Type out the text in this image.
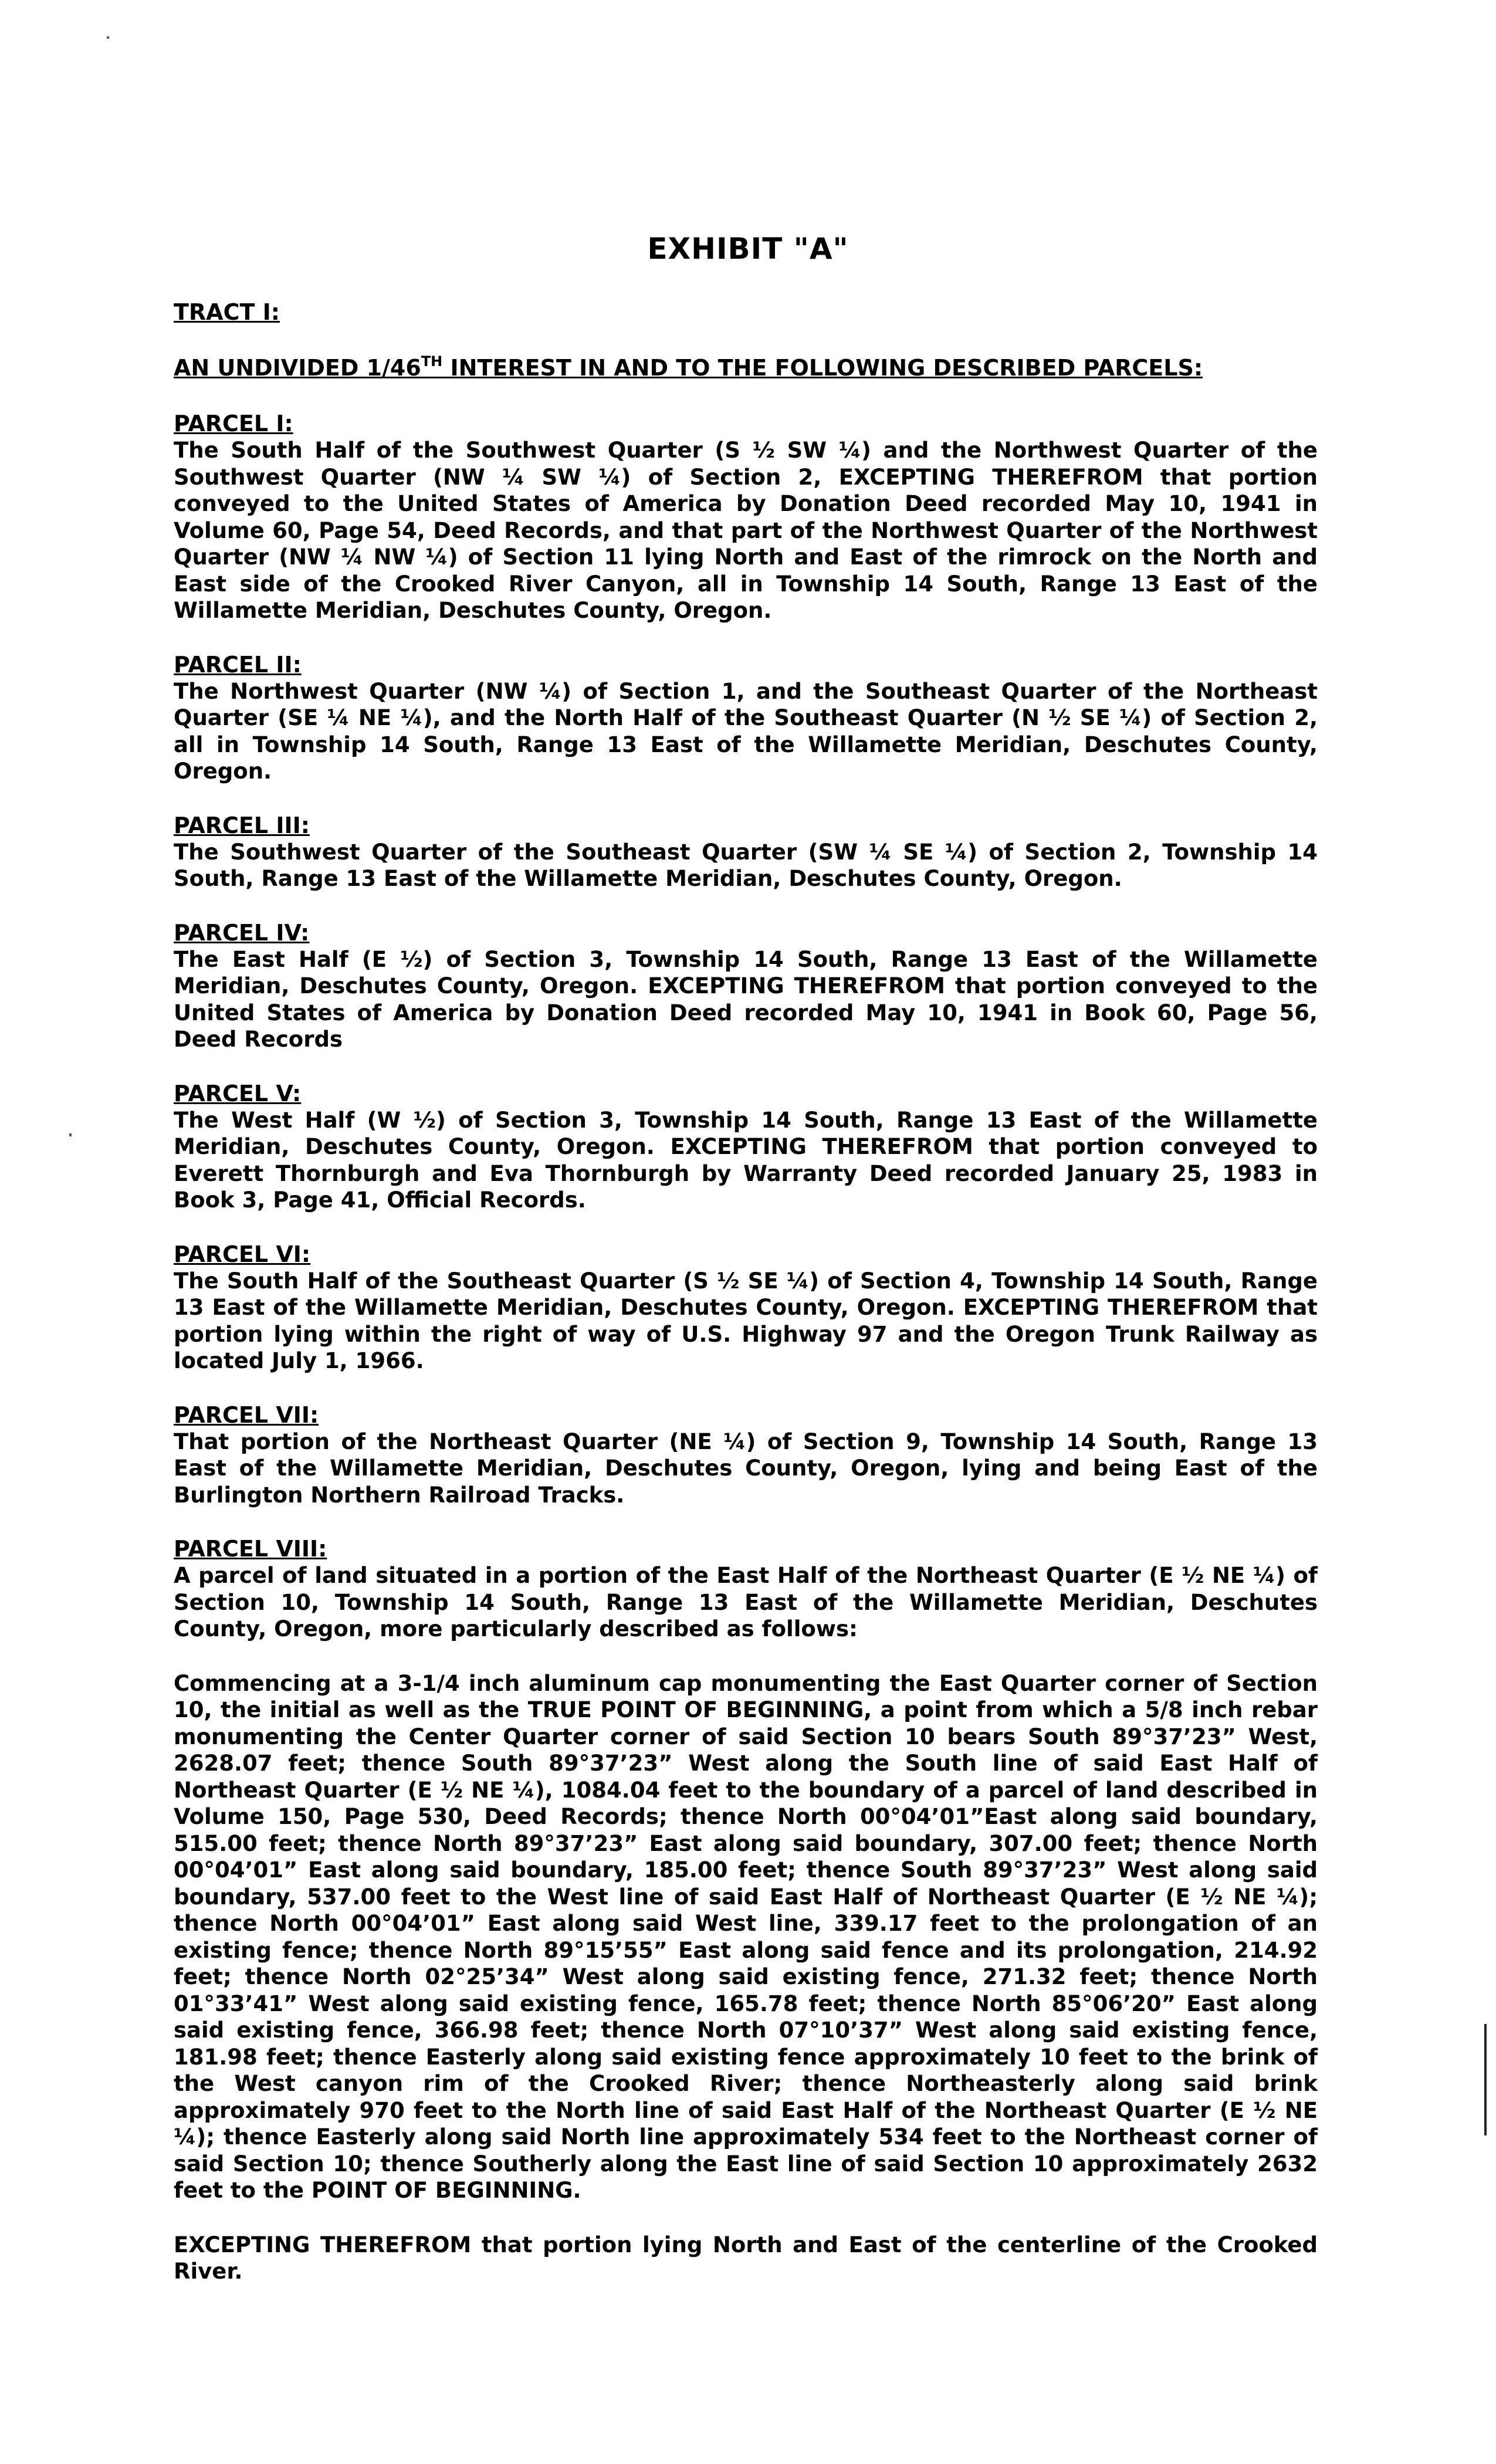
EXHIBIT "A"
TRACT I:
AN UNDIVIDED 1/46TH INTEREST IN AND TO THE FOLLOWING DESCRIBED PARCELS:
PARCEL I:
The South Half of the Southwest Quarter (S ½ SW ¼) and the Northwest Quarter of the Southwest Quarter (NW ¼ SW ¼) of Section 2, EXCEPTING THEREFROM that portion conveyed to the United States of America by Donation Deed recorded May 10, 1941 in Volume 60, Page 54, Deed Records, and that part of the Northwest Quarter of the Northwest Quarter (NW ¼ NW ¼) of Section 11 lying North and East of the rimrock on the North and East side of the Crooked River Canyon, all in Township 14 South, Range 13 East of the Willamette Meridian, Deschutes County, Oregon.
PARCEL II:
The Northwest Quarter (NW ¼) of Section 1, and the Southeast Quarter of the Northeast Quarter (SE ¼ NE ¼), and the North Half of the Southeast Quarter (N ½ SE ¼) of Section 2, all in Township 14 South, Range 13 East of the Willamette Meridian, Deschutes County, Oregon.
PARCEL III:
The Southwest Quarter of the Southeast Quarter (SW ¼ SE ¼) of Section 2, Township 14 South, Range 13 East of the Willamette Meridian, Deschutes County, Oregon.
PARCEL IV:
The East Half (E ½) of Section 3, Township 14 South, Range 13 East of the Willamette Meridian, Deschutes County, Oregon. EXCEPTING THEREFROM that portion conveyed to the United States of America by Donation Deed recorded May 10, 1941 in Book 60, Page 56, Deed Records
PARCEL V:
The West Half (W ½) of Section 3, Township 14 South, Range 13 East of the Willamette Meridian, Deschutes County, Oregon. EXCEPTING THEREFROM that portion conveyed to Everett Thornburgh and Eva Thornburgh by Warranty Deed recorded January 25, 1983 in Book 3, Page 41, Official Records.
PARCEL VI:
The South Half of the Southeast Quarter (S ½ SE ¼) of Section 4, Township 14 South, Range 13 East of the Willamette Meridian, Deschutes County, Oregon. EXCEPTING THEREFROM that portion lying within the right of way of U.S. Highway 97 and the Oregon Trunk Railway as located July 1, 1966.
PARCEL VII:
That portion of the Northeast Quarter (NE ¼) of Section 9, Township 14 South, Range 13 East of the Willamette Meridian, Deschutes County, Oregon, lying and being East of the Burlington Northern Railroad Tracks.
PARCEL VIII:
A parcel of land situated in a portion of the East Half of the Northeast Quarter (E ½ NE ¼) of Section 10, Township 14 South, Range 13 East of the Willamette Meridian, Deschutes County, Oregon, more particularly described as follows:
Commencing at a 3-1/4 inch aluminum cap monumenting the East Quarter corner of Section 10, the initial as well as the TRUE POINT OF BEGINNING, a point from which a 5/8 inch rebar monumenting the Center Quarter corner of said Section 10 bears South 89°37’23” West, 2628.07 feet; thence South 89°37’23” West along the South line of said East Half of Northeast Quarter (E ½ NE ¼), 1084.04 feet to the boundary of a parcel of land described in Volume 150, Page 530, Deed Records; thence North 00°04’01”East along said boundary, 515.00 feet; thence North 89°37’23” East along said boundary, 307.00 feet; thence North 00°04’01” East along said boundary, 185.00 feet; thence South 89°37’23” West along said boundary, 537.00 feet to the West line of said East Half of Northeast Quarter (E ½ NE ¼); thence North 00°04’01” East along said West line, 339.17 feet to the prolongation of an existing fence; thence North 89°15’55” East along said fence and its prolongation, 214.92 feet; thence North 02°25’34” West along said existing fence, 271.32 feet; thence North 01°33’41” West along said existing fence, 165.78 feet; thence North 85°06’20” East along said existing fence, 366.98 feet; thence North 07°10’37” West along said existing fence, 181.98 feet; thence Easterly along said existing fence approximately 10 feet to the brink of the West canyon rim of the Crooked River; thence Northeasterly along said brink approximately 970 feet to the North line of said East Half of the Northeast Quarter (E ½ NE ¼); thence Easterly along said North line approximately 534 feet to the Northeast corner of said Section 10; thence Southerly along the East line of said Section 10 approximately 2632 feet to the POINT OF BEGINNING.
EXCEPTING THEREFROM that portion lying North and East of the centerline of the Crooked River.
